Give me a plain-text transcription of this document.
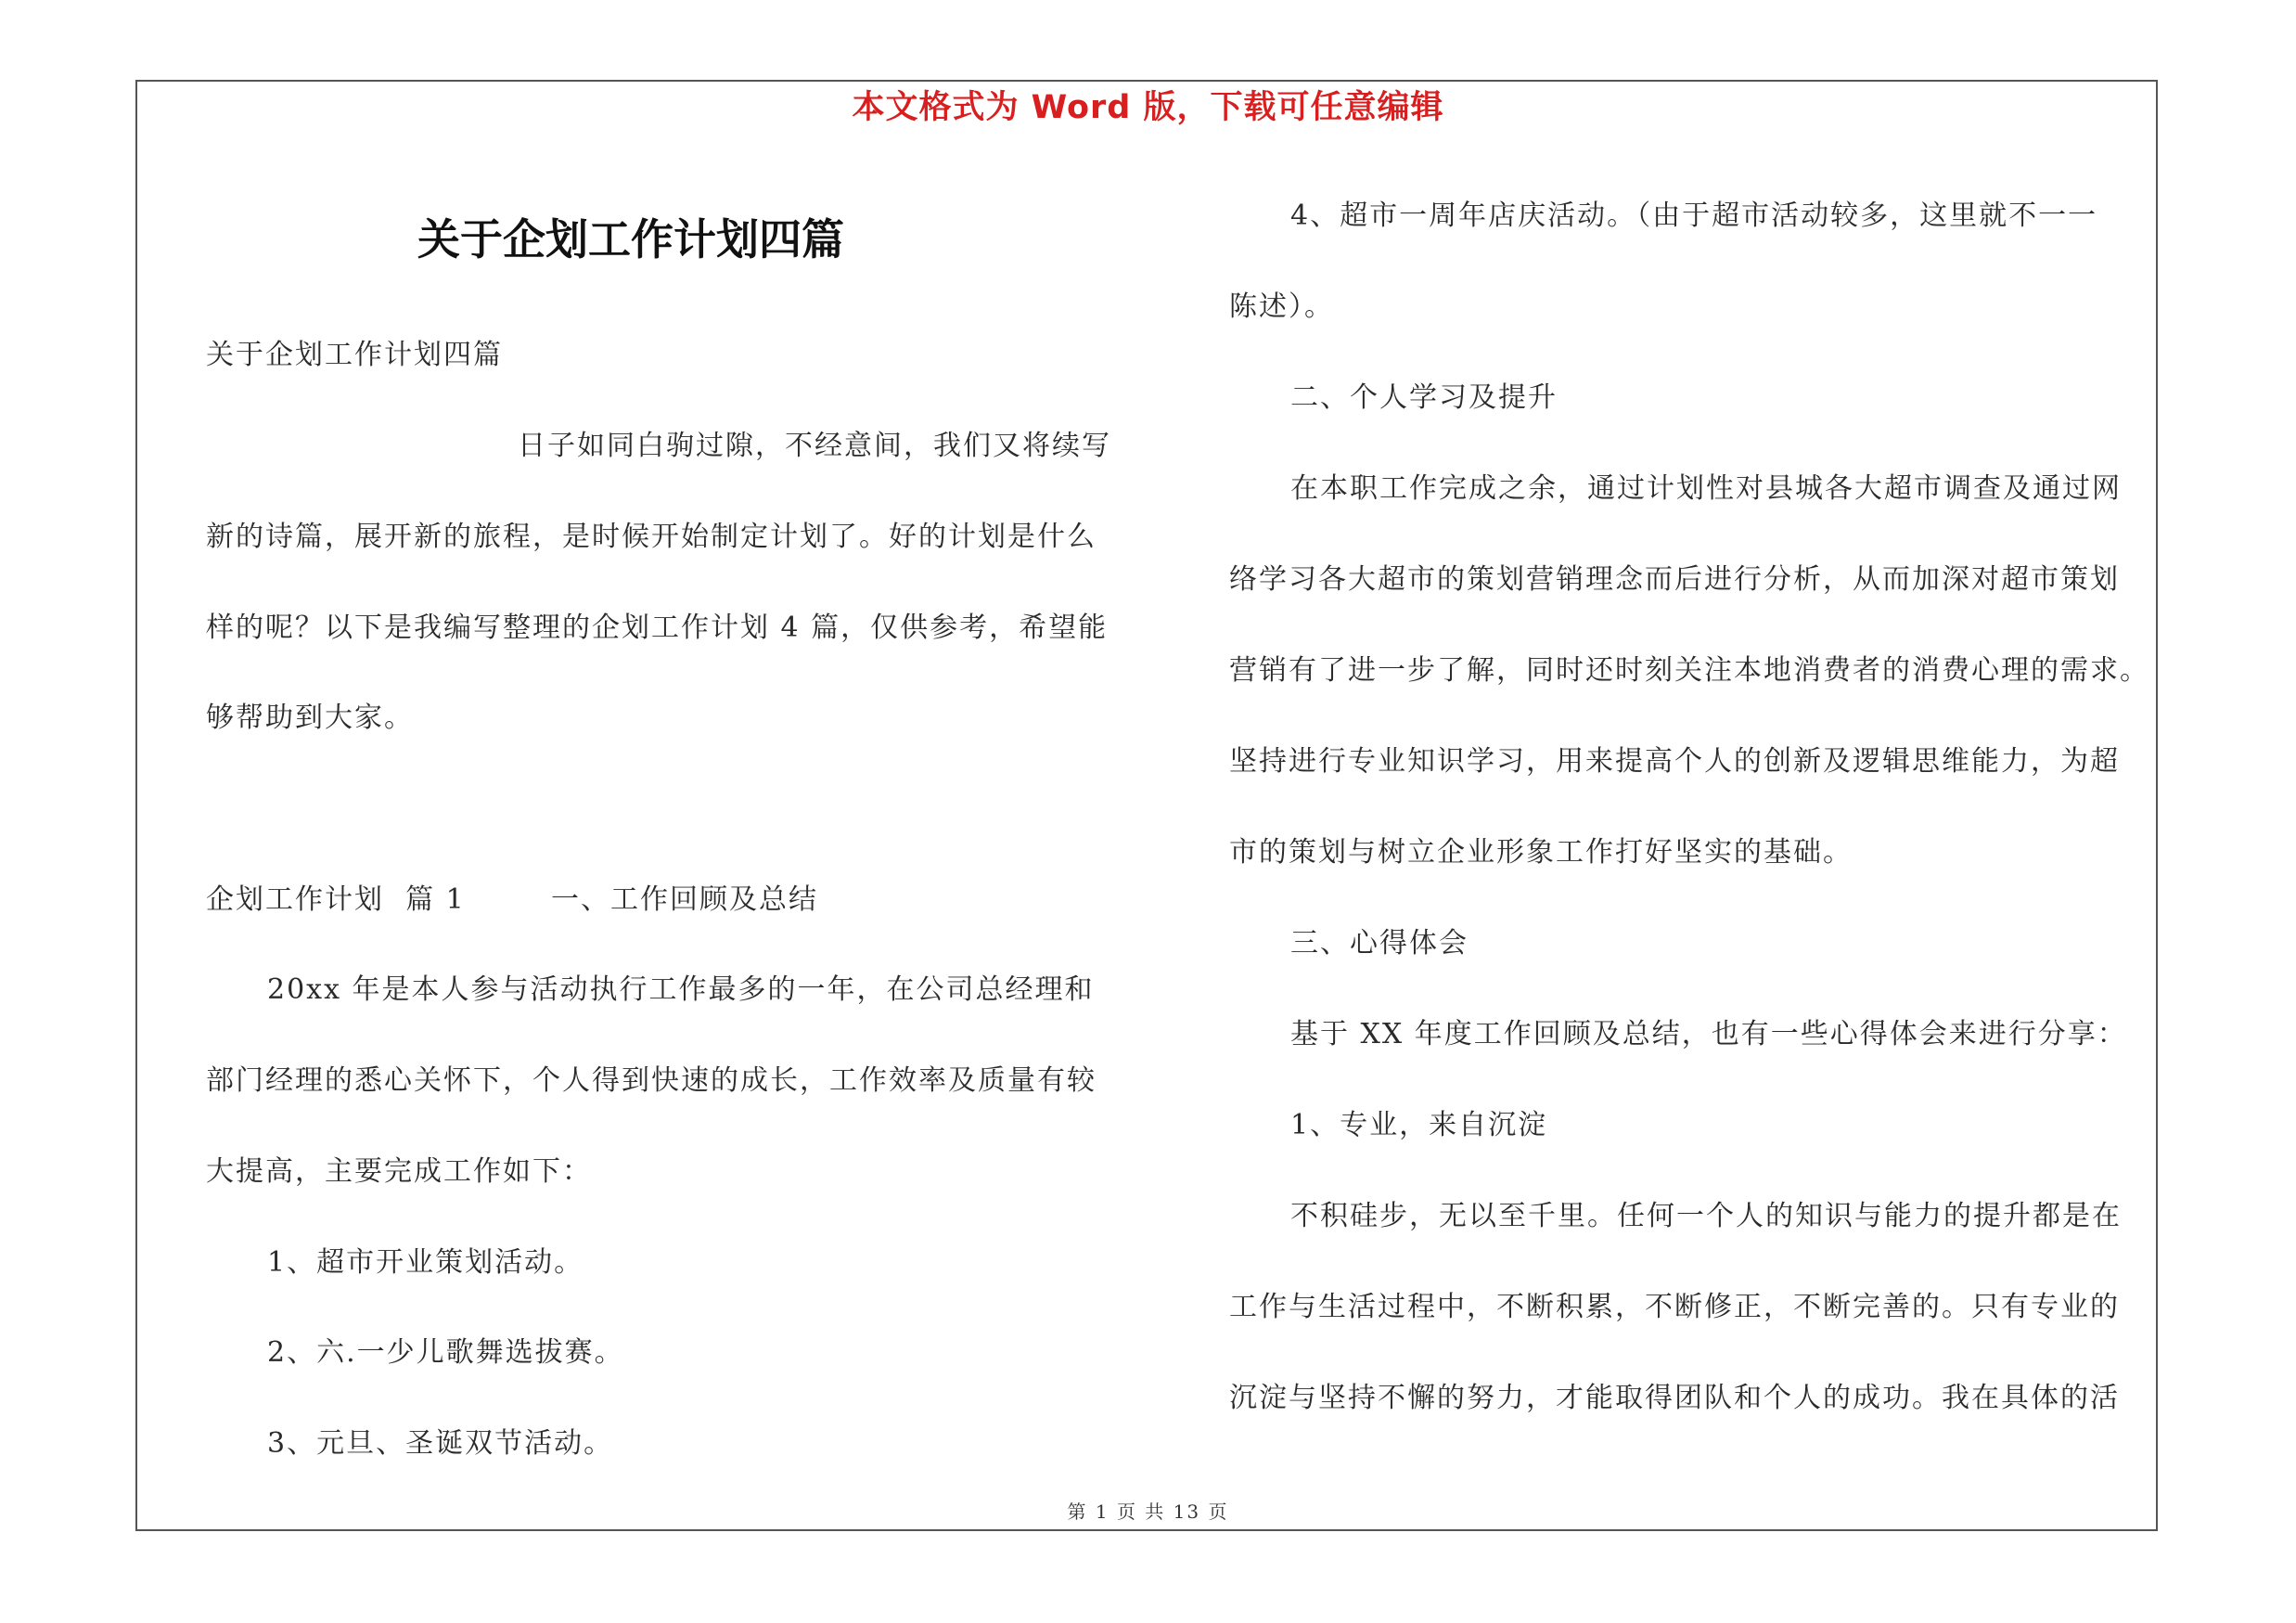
本文格式为 Word 版，下载可任意编辑
关于企划工作计划四篇
关于企划工作计划四篇
日子如同白驹过隙，不经意间，我们又将续写
新的诗篇，展开新的旅程，是时候开始制定计划了。好的计划是什么
样的呢？以下是我编写整理的企划工作计划 4 篇，仅供参考，希望能
够帮助到大家。
企划工作计划  篇 1        一、工作回顾及总结
20xx 年是本人参与活动执行工作最多的一年，在公司总经理和
部门经理的悉心关怀下，个人得到快速的成长，工作效率及质量有较
大提高，主要完成工作如下：
1、超市开业策划活动。
2、六.一少儿歌舞选拔赛。
3、元旦、圣诞双节活动。
4、超市一周年店庆活动。（由于超市活动较多，这里就不一一
陈述）。
二、个人学习及提升
在本职工作完成之余，通过计划性对县城各大超市调查及通过网
络学习各大超市的策划营销理念而后进行分析，从而加深对超市策划
营销有了进一步了解，同时还时刻关注本地消费者的消费心理的需求。
坚持进行专业知识学习，用来提高个人的创新及逻辑思维能力，为超
市的策划与树立企业形象工作打好坚实的基础。
三、心得体会
基于 XX 年度工作回顾及总结，也有一些心得体会来进行分享：
1、专业，来自沉淀
不积硅步，无以至千里。任何一个人的知识与能力的提升都是在
工作与生活过程中，不断积累，不断修正，不断完善的。只有专业的
沉淀与坚持不懈的努力，才能取得团队和个人的成功。我在具体的活
第 1 页 共 13 页
